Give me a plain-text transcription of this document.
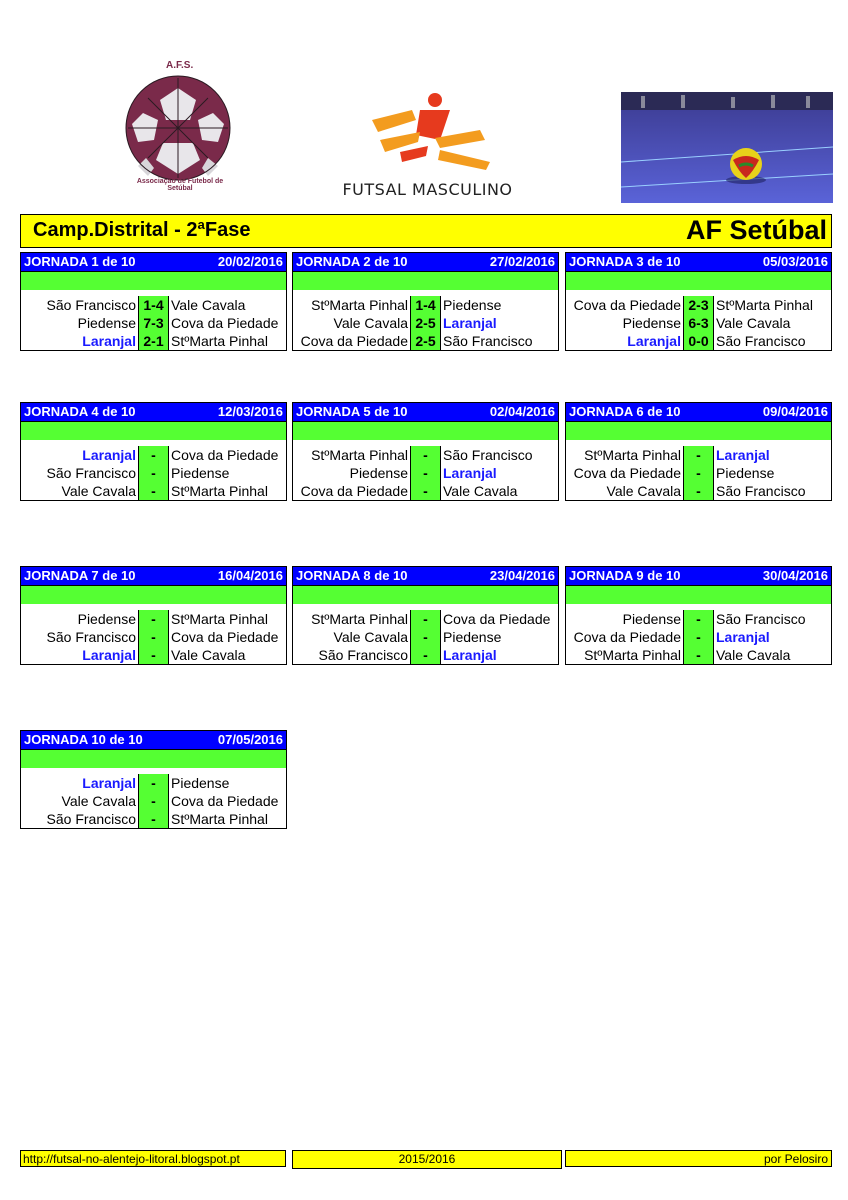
A.F.S.
Associação de Futebol de Setúbal	FUTSAL MASCULINO
Camp.Distrital - 2ªFase	AF Setúbal
JORNADA 1 de 10	20/02/2016
São Francisco 1-4 Vale Cavala
Piedense 7-3 Cova da Piedade
Laranjal 2-1 StºMarta Pinhal
JORNADA 2 de 10	27/02/2016
StºMarta Pinhal 1-4 Piedense
Vale Cavala 2-5 Laranjal
Cova da Piedade 2-5 São Francisco
JORNADA 3 de 10	05/03/2016
Cova da Piedade 2-3 StºMarta Pinhal
Piedense 6-3 Vale Cavala
Laranjal 0-0 São Francisco
JORNADA 4 de 10	12/03/2016
Laranjal	-	Cova da Piedade
São Francisco	-	Piedense
Vale Cavala	-	StºMarta Pinhal
JORNADA 5 de 10	02/04/2016
StºMarta Pinhal	-	São Francisco
Piedense	-	Laranjal
Cova da Piedade	-	Vale Cavala
JORNADA 6 de 10	09/04/2016
StºMarta Pinhal	-	Laranjal
Cova da Piedade	-	Piedense
Vale Cavala	-	São Francisco
JORNADA 7 de 10	16/04/2016
Piedense	-	StºMarta Pinhal
São Francisco	-	Cova da Piedade
Laranjal	-	Vale Cavala
JORNADA 8 de 10	23/04/2016
StºMarta Pinhal	-	Cova da Piedade
Vale Cavala	-	Piedense
São Francisco	-	Laranjal
JORNADA 9 de 10	30/04/2016
Piedense	-	São Francisco
Cova da Piedade	-	Laranjal
StºMarta Pinhal	-	Vale Cavala
JORNADA 10 de 10	07/05/2016
Laranjal	-	Piedense
Vale Cavala	-	Cova da Piedade
São Francisco	-	StºMarta Pinhal
http://futsal-no-alentejo-litoral.blogspot.pt	2015/2016	por Pelosiro
